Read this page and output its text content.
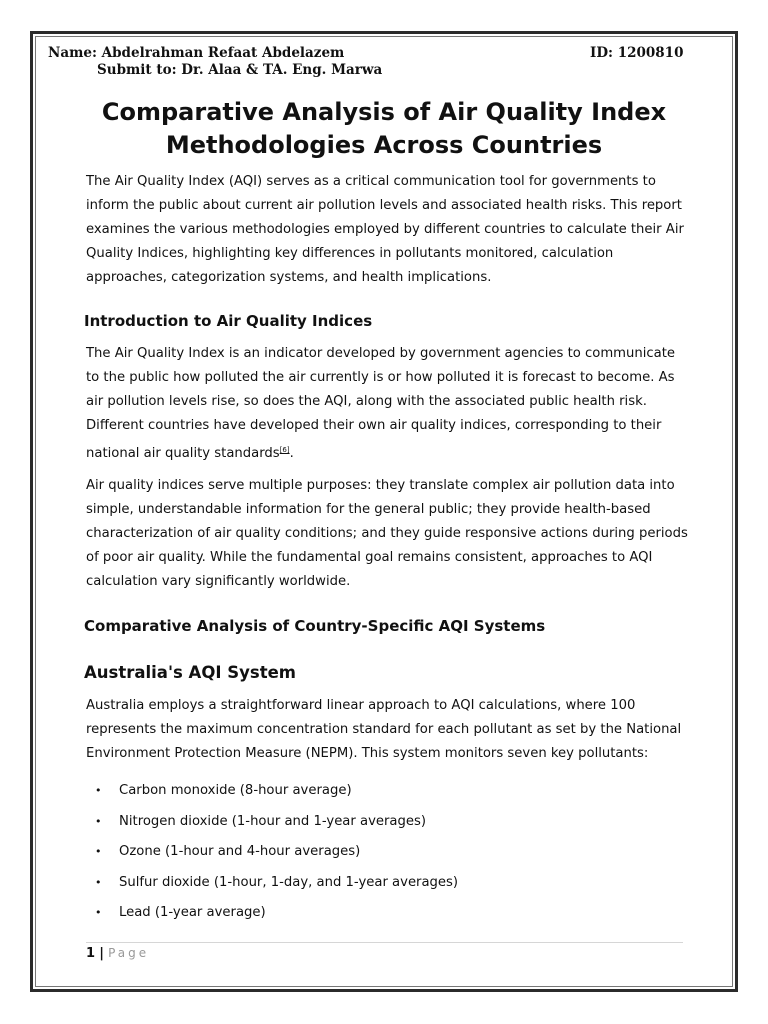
Name: Abdelrahman Refaat Abdelazem
Submit to: Dr. Alaa & TA. Eng. Marwa
ID: 1200810
Comparative Analysis of Air Quality Index
Methodologies Across Countries

The Air Quality Index (AQI) serves as a critical communication tool for governments to inform the public about current air pollution levels and associated health risks. This report examines the various methodologies employed by different countries to calculate their Air Quality Indices, highlighting key differences in pollutants monitored, calculation approaches, categorization systems, and health implications.

Introduction to Air Quality Indices

The Air Quality Index is an indicator developed by government agencies to communicate to the public how polluted the air currently is or how polluted it is forecast to become. As air pollution levels rise, so does the AQI, along with the associated public health risk. Different countries have developed their own air quality indices, corresponding to their national air quality standards[6].

Air quality indices serve multiple purposes: they translate complex air pollution data into simple, understandable information for the general public; they provide health-based characterization of air quality conditions; and they guide responsive actions during periods of poor air quality. While the fundamental goal remains consistent, approaches to AQI calculation vary significantly worldwide.

Comparative Analysis of Country-Specific AQI Systems
Australia's AQI System

Australia employs a straightforward linear approach to AQI calculations, where 100 represents the maximum concentration standard for each pollutant as set by the National Environment Protection Measure (NEPM). This system monitors seven key pollutants:

•	Carbon monoxide (8-hour average)
•	Nitrogen dioxide (1-hour and 1-year averages)
•	Ozone (1-hour and 4-hour averages)
•	Sulfur dioxide (1-hour, 1-day, and 1-year averages)
•	Lead (1-year average)
1 | Page
